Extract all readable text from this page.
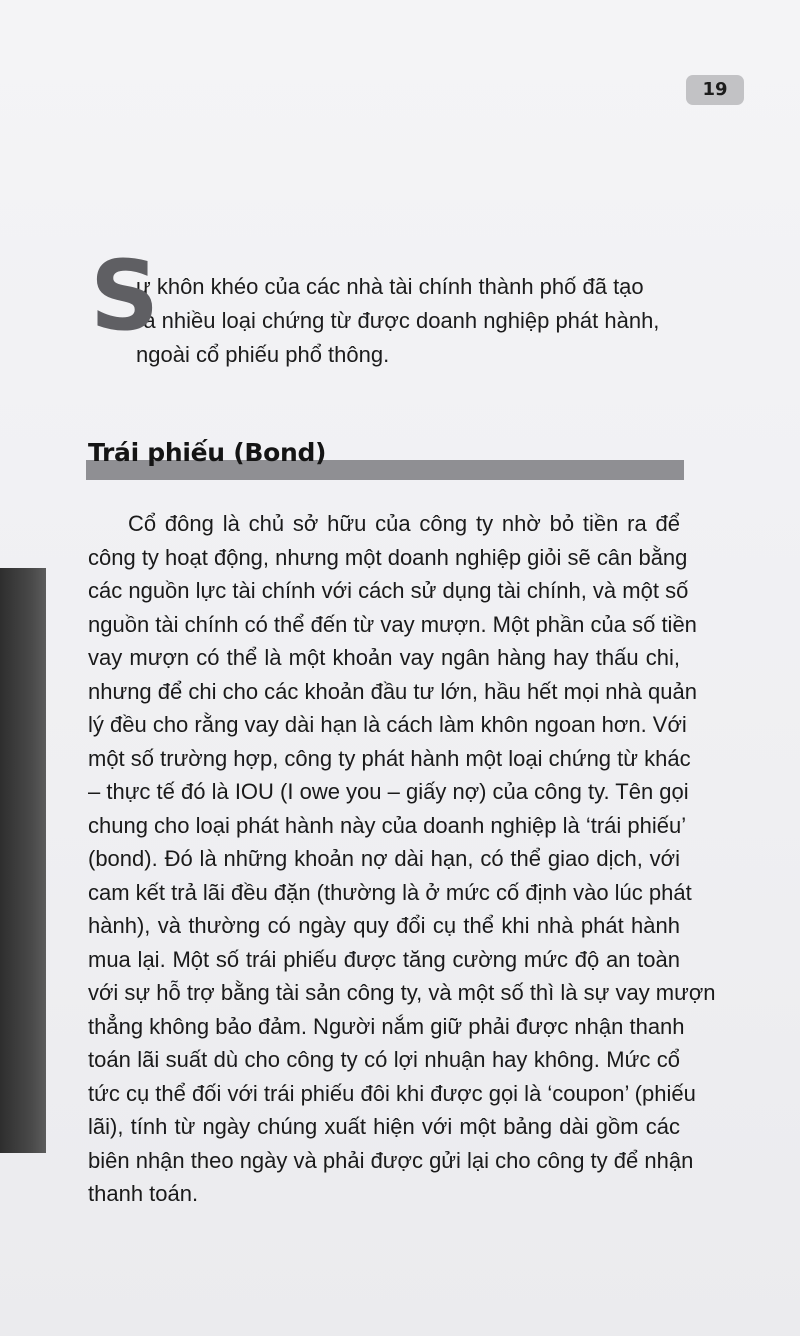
19
S

ự khôn khéo của các nhà tài chính thành phố đã tạo
ra nhiều loại chứng từ được doanh nghiệp phát hành,
ngoài cổ phiếu phổ thông.

Trái phiếu (Bond)
Cổ đông là chủ sở hữu của công ty nhờ bỏ tiền ra để
công ty hoạt động, nhưng một doanh nghiệp giỏi sẽ cân bằng
các nguồn lực tài chính với cách sử dụng tài chính, và một số
nguồn tài chính có thể đến từ vay mượn. Một phần của số tiền
vay mượn có thể là một khoản vay ngân hàng hay thấu chi,
nhưng để chi cho các khoản đầu tư lớn, hầu hết mọi nhà quản
lý đều cho rằng vay dài hạn là cách làm khôn ngoan hơn. Với
một số trường hợp, công ty phát hành một loại chứng từ khác
– thực tế đó là IOU (I owe you – giấy nợ) của công ty. Tên gọi
chung cho loại phát hành này của doanh nghiệp là ‘trái phiếu’
(bond). Đó là những khoản nợ dài hạn, có thể giao dịch, với
cam kết trả lãi đều đặn (thường là ở mức cố định vào lúc phát
hành), và thường có ngày quy đổi cụ thể khi nhà phát hành
mua lại. Một số trái phiếu được tăng cường mức độ an toàn
với sự hỗ trợ bằng tài sản công ty, và một số thì là sự vay mượn
thẳng không bảo đảm. Người nắm giữ phải được nhận thanh
toán lãi suất dù cho công ty có lợi nhuận hay không. Mức cổ
tức cụ thể đối với trái phiếu đôi khi được gọi là ‘coupon’ (phiếu
lãi), tính từ ngày chúng xuất hiện với một bảng dài gồm các
biên nhận theo ngày và phải được gửi lại cho công ty để nhận
thanh toán.
